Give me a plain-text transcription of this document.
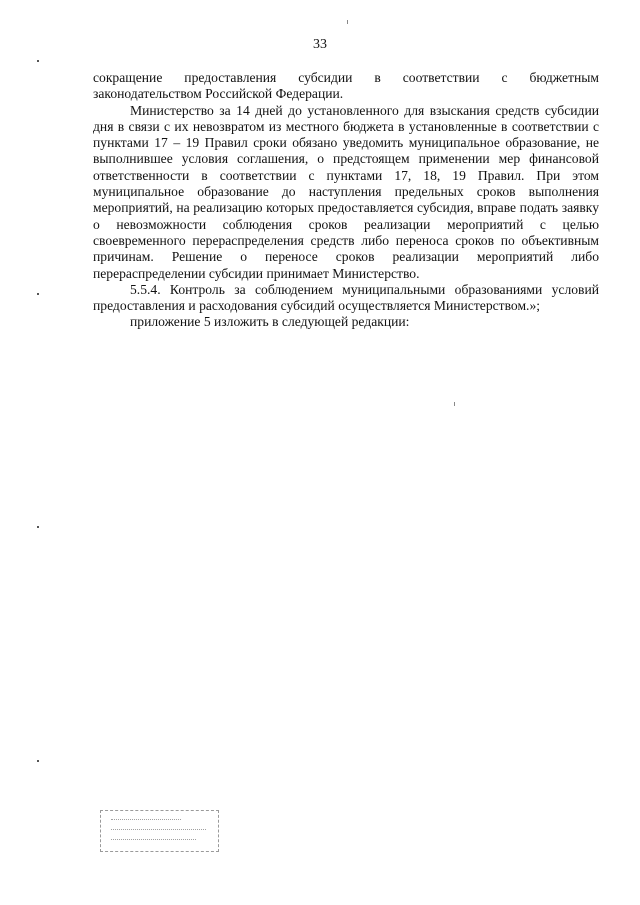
33

сокращение предоставления субсидии в соответствии с бюджетным законодательством Российской Федерации.

Министерство за 14 дней до установленного для взыскания средств субсидии дня в связи с их невозвратом из местного бюджета в установленные в соответствии с пунктами 17 – 19 Правил сроки обязано уведомить муниципальное образование, не выполнившее условия соглашения, о предстоящем применении мер финансовой ответственности в соответствии с пунктами 17, 18, 19 Правил. При этом муниципальное образование до наступления предельных сроков выполнения мероприятий, на реализацию которых предоставляется субсидия, вправе подать заявку о невозможности соблюдения сроков реализации мероприятий с целью своевременного перераспределения средств либо переноса сроков по объективным причинам. Решение о переносе сроков реализации мероприятий либо перераспределении субсидии принимает Министерство.

5.5.4. Контроль за соблюдением муниципальными образованиями условий предоставления и расходования субсидий осуществляется Министерством.»;

приложение 5 изложить в следующей редакции:
